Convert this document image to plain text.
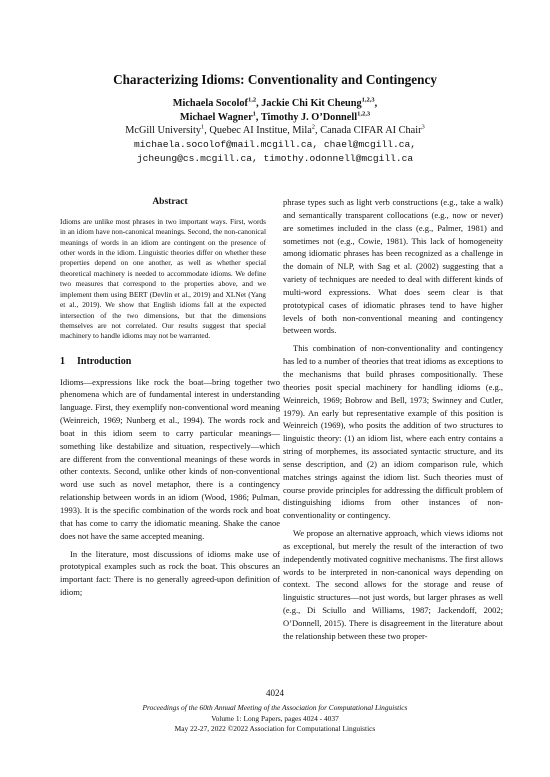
Characterizing Idioms: Conventionality and Contingency
Michaela Socolof$^{1,2}$, Jackie Chi Kit Cheung$^{1,2,3}$,
Michael Wagner$^1$, Timothy J. O’Donnell$^{1,2,3}$
McGill University$^1$, Quebec AI Institue, Mila$^2$, Canada CIFAR AI Chair$^3$
michaela.socolof@mail.mcgill.ca, chael@mcgill.ca,
jcheung@cs.mcgill.ca, timothy.odonnell@mcgill.ca
Abstract

Idioms are unlike most phrases in two important ways. First, words in an idiom have non-canonical meanings. Second, the non-canonical meanings of words in an idiom are contingent on the presence of other words in the idiom. Linguistic theories differ on whether these properties depend on one another, as well as whether special theoretical machinery is needed to accommodate idioms. We define two measures that correspond to the properties above, and we implement them using BERT (Devlin et al., 2019) and XLNet (Yang et al., 2019). We show that English idioms fall at the expected intersection of the two dimensions, but that the dimensions themselves are not correlated. Our results suggest that special machinery to handle idioms may not be warranted.

1 Introduction

Idioms—expressions like rock the boat—bring together two phenomena which are of fundamental interest in understanding language. First, they exemplify non-conventional word meaning (Weinreich, 1969; Nunberg et al., 1994). The words rock and boat in this idiom seem to carry particular meanings—something like destabilize and situation, respectively—which are different from the conventional meanings of these words in other contexts. Second, unlike other kinds of non-conventional word use such as novel metaphor, there is a contingency relationship between words in an idiom (Wood, 1986; Pulman, 1993). It is the specific combination of the words rock and boat that has come to carry the idiomatic meaning. Shake the canoe does not have the same accepted meaning.

In the literature, most discussions of idioms make use of prototypical examples such as rock the boat. This obscures an important fact: There is no generally agreed-upon definition of idiom;

phrase types such as light verb constructions (e.g., take a walk) and semantically transparent collocations (e.g., now or never) are sometimes included in the class (e.g., Palmer, 1981) and sometimes not (e.g., Cowie, 1981). This lack of homogeneity among idiomatic phrases has been recognized as a challenge in the domain of NLP, with Sag et al. (2002) suggesting that a variety of techniques are needed to deal with different kinds of multi-word expressions. What does seem clear is that prototypical cases of idiomatic phrases tend to have higher levels of both non-conventional meaning and contingency between words.

This combination of non-conventionality and contingency has led to a number of theories that treat idioms as exceptions to the mechanisms that build phrases compositionally. These theories posit special machinery for handling idioms (e.g., Weinreich, 1969; Bobrow and Bell, 1973; Swinney and Cutler, 1979). An early but representative example of this position is Weinreich (1969), who posits the addition of two structures to linguistic theory: (1) an idiom list, where each entry contains a string of morphemes, its associated syntactic structure, and its sense description, and (2) an idiom comparison rule, which matches strings against the idiom list. Such theories must of course provide principles for addressing the difficult problem of distinguishing idioms from other instances of non-conventionality or contingency.

We propose an alternative approach, which views idioms not as exceptional, but merely the result of the interaction of two independently motivated cognitive mechanisms. The first allows words to be interpreted in non-canonical ways depending on context. The second allows for the storage and reuse of linguistic structures—not just words, but larger phrases as well (e.g., Di Sciullo and Williams, 1987; Jackendoff, 2002; O’Donnell, 2015). There is disagreement in the literature about the relationship between these two proper-

4024
Proceedings of the 60th Annual Meeting of the Association for Computational Linguistics
Volume 1: Long Papers, pages 4024 - 4037
May 22-27, 2022 ©2022 Association for Computational Linguistics
